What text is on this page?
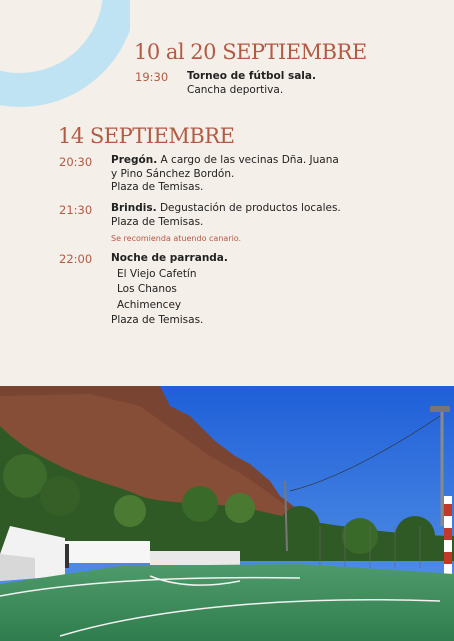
10 al 20 SEPTIEMBRE
19:30 Torneo de fútbol sala.
Cancha deportiva.
14 SEPTIEMBRE
20:30 Pregón. A cargo de las vecinas Dña. Juana
y Pino Sánchez Bordón.
Plaza de Temisas.
21:30 Brindis. Degustación de productos locales.
Plaza de Temisas.
Se recomienda atuendo canario.
22:00 Noche de parranda.
El Viejo Cafetín
Los Chanos
Achimencey
Plaza de Temisas.
